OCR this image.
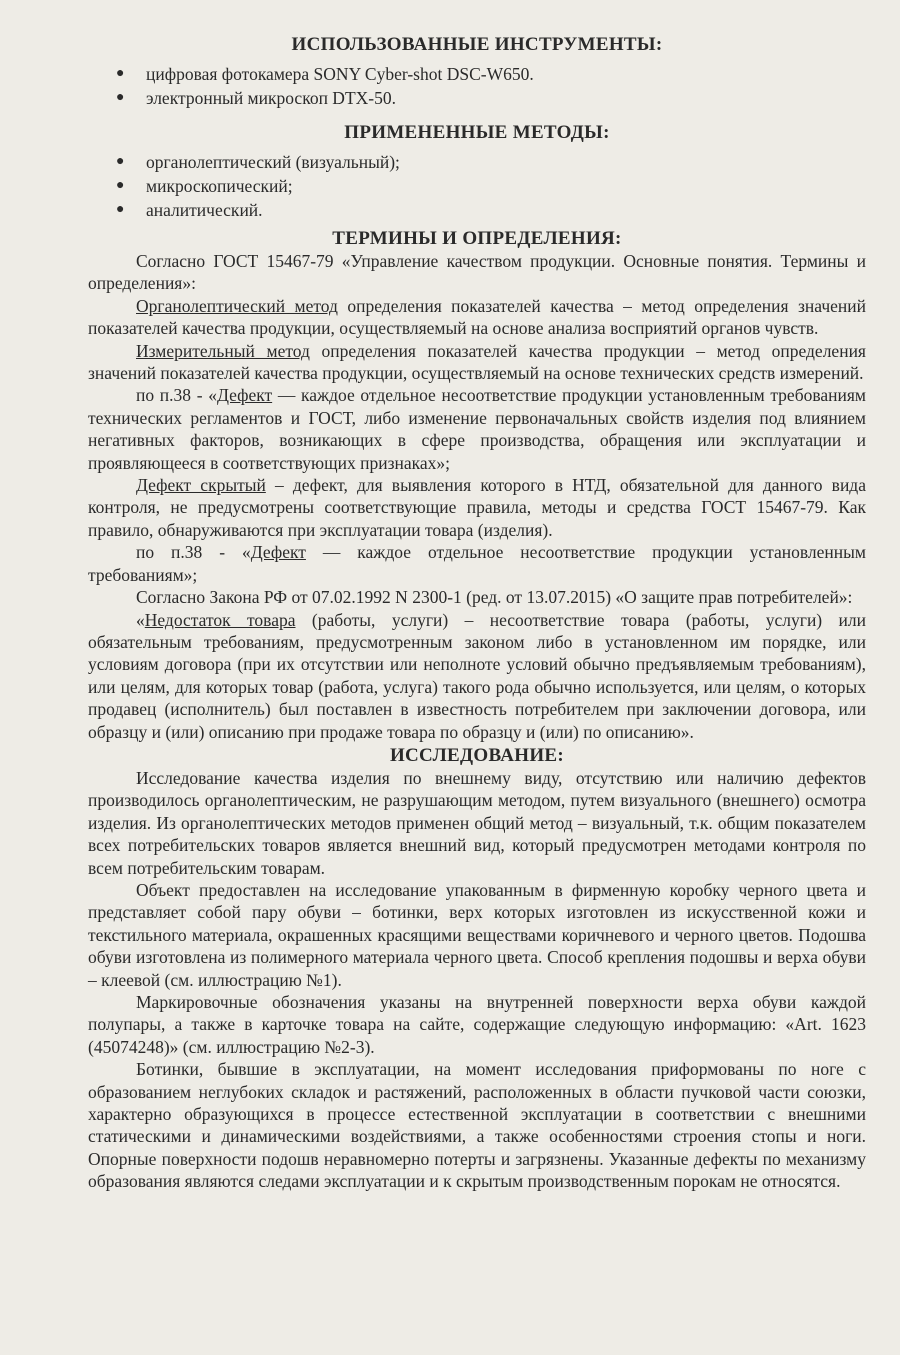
ИСПОЛЬЗОВАННЫЕ ИНСТРУМЕНТЫ:
● цифровая фотокамера SONY Cyber-shot DSC-W650.
● электронный микроскоп DTX-50.
ПРИМЕНЕННЫЕ МЕТОДЫ:
● органолептический (визуальный);
● микроскопический;
● аналитический.
ТЕРМИНЫ И ОПРЕДЕЛЕНИЯ:

Согласно ГОСТ 15467-79 «Управление качеством продукции. Основные понятия. Термины и определения»:

Органолептический метод определения показателей качества – метод определения значений показателей качества продукции, осуществляемый на основе анализа восприятий органов чувств.

Измерительный метод определения показателей качества продукции – метод определения значений показателей качества продукции, осуществляемый на основе технических средств измерений.

по п.38 - «Дефект — каждое отдельное несоответствие продукции установленным требованиям технических регламентов и ГОСТ, либо изменение первоначальных свойств изделия под влиянием негативных факторов, возникающих в сфере производства, обращения или эксплуатации и проявляющееся в соответствующих признаках»;

Дефект скрытый – дефект, для выявления которого в НТД, обязательной для данного вида контроля, не предусмотрены соответствующие правила, методы и средства ГОСТ 15467-79. Как правило, обнаруживаются при эксплуатации товара (изделия).

по п.38 - «Дефект — каждое отдельное несоответствие продукции установленным требованиям»;

Согласно Закона РФ от 07.02.1992 N 2300-1 (ред. от 13.07.2015) «О защите прав потребителей»:

«Недостаток товара (работы, услуги) – несоответствие товара (работы, услуги) или обязательным требованиям, предусмотренным законом либо в установленном им порядке, или условиям договора (при их отсутствии или неполноте условий обычно предъявляемым требованиям), или целям, для которых товар (работа, услуга) такого рода обычно используется, или целям, о которых продавец (исполнитель) был поставлен в известность потребителем при заключении договора, или образцу и (или) описанию при продаже товара по образцу и (или) по описанию».

ИССЛЕДОВАНИЕ:

Исследование качества изделия по внешнему виду, отсутствию или наличию дефектов производилось органолептическим, не разрушающим методом, путем визуального (внешнего) осмотра изделия. Из органолептических методов применен общий метод – визуальный, т.к. общим показателем всех потребительских товаров является внешний вид, который предусмотрен методами контроля по всем потребительским товарам.

Объект предоставлен на исследование упакованным в фирменную коробку черного цвета и представляет собой пару обуви – ботинки, верх которых изготовлен из искусственной кожи и текстильного материала, окрашенных красящими веществами коричневого и черного цветов. Подошва обуви изготовлена из полимерного материала черного цвета. Способ крепления подошвы и верха обуви – клеевой (см. иллюстрацию №1).

Маркировочные обозначения указаны на внутренней поверхности верха обуви каждой полупары, а также в карточке товара на сайте, содержащие следующую информацию: «Art. 1623 (45074248)» (см. иллюстрацию №2-3).

Ботинки, бывшие в эксплуатации, на момент исследования приформованы по ноге с образованием неглубоких складок и растяжений, расположенных в области пучковой части союзки, характерно образующихся в процессе естественной эксплуатации в соответствии с внешними статическими и динамическими воздействиями, а также особенностями строения стопы и ноги. Опорные поверхности подошв неравномерно потерты и загрязнены. Указанные дефекты по механизму образования являются следами эксплуатации и к скрытым производственным порокам не относятся.
